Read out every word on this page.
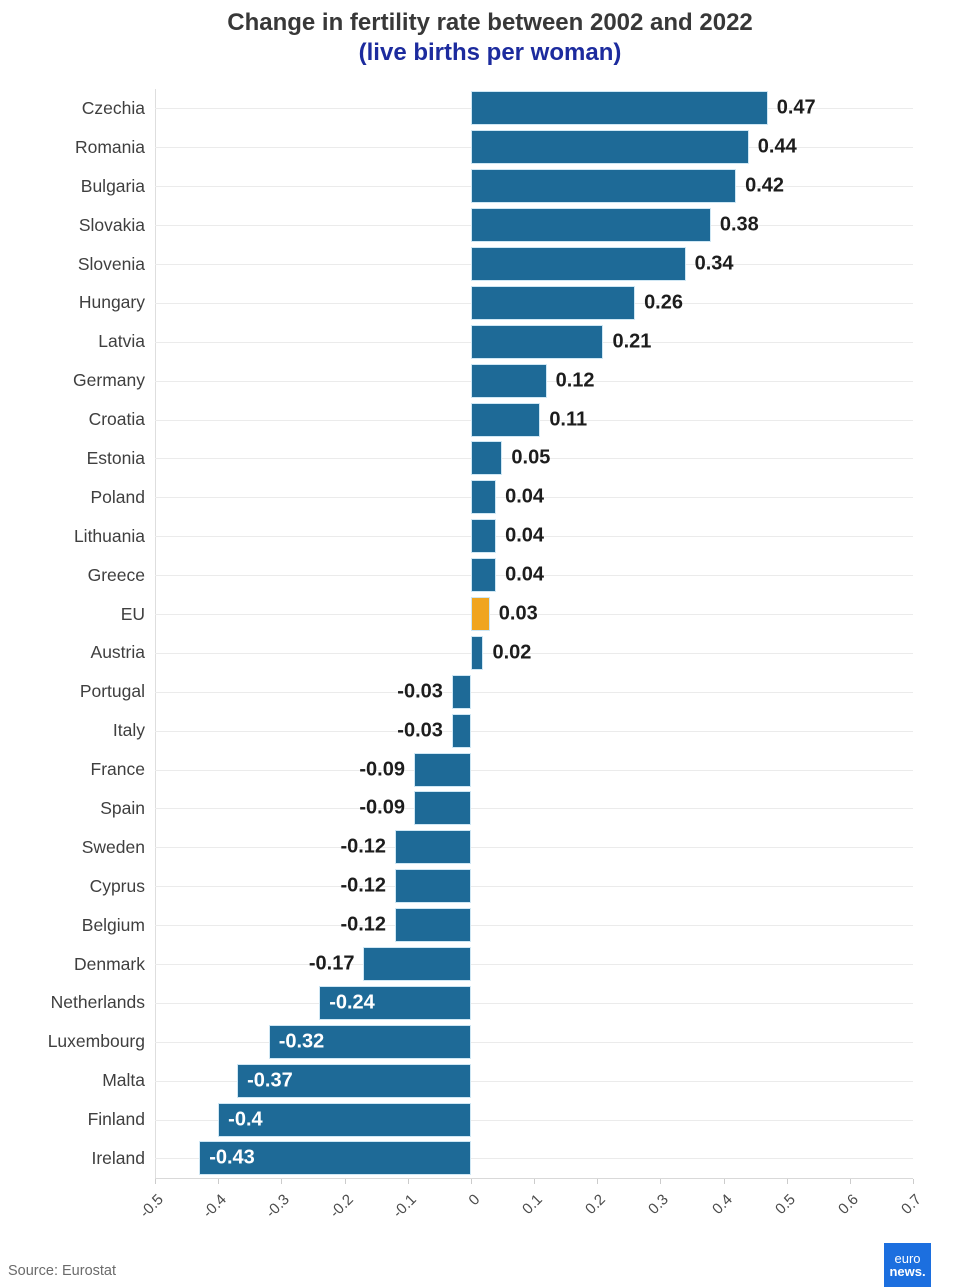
Change in fertility rate between 2002 and 2022
(live births per woman)
Czechia	0.47
Romania	0.44
Bulgaria	0.42
Slovakia	0.38
Slovenia	0.34
Hungary	0.26
Latvia	0.21
Germany	0.12
Croatia	0.11
Estonia	0.05
Poland	0.04
Lithuania	0.04
Greece	0.04
EU	0.03
Austria	0.02
Portugal	-0.03
Italy	-0.03
France	-0.09
Spain	-0.09
Sweden	-0.12
Cyprus	-0.12
Belgium	-0.12
Denmark	-0.17
Netherlands	-0.24
Luxembourg	-0.32
Malta	-0.37
Finland	-0.4
Ireland	-0.43
-0.5 -0.4 -0.3 -0.2 -0.1	0 0.1 0.2 0.3 0.4 0.5 0.6 0.7
Source: Eurostat
euro
news.
